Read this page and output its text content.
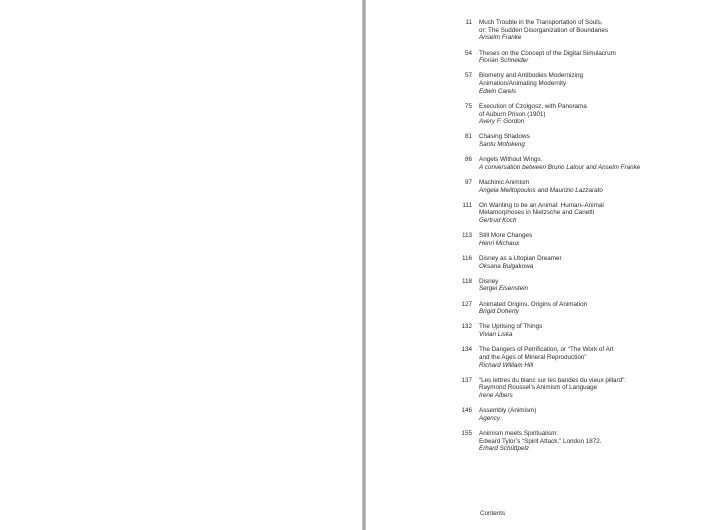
11 Much Trouble in the Transportation of Souls,
or: The Sudden Disorganization of Boundaries
Anselm Franke
54 Theses on the Concept of the Digital Simulacrum
Florian Schneider
57 Biometry and Antibodies Modernizing
Animation/Animating Modernity
Edwin Carels
75 Execution of Czolgosz, with Panorama
of Auburn Prison (1901)
Avery F. Gordon
81 Chasing Shadows
Santu Mofokeng
86 Angels Without Wings.
A conversation between Bruno Latour and Anselm Franke
97 Machinic Animism
Angela Melitopoulos and Maurizio Lazzarato
111 On Wanting to be an Animal: Human–Animal
Metamorphoses in Nietzsche and Canetti
Gertrud Koch
113 Still More Changes
Henri Michaux
116 Disney as a Utopian Dreamer
Oksana Bulgakowa
118 Disney
Sergei Eisenstein
127 Animated Origins, Origins of Animation
Brigid Doherty
132 The Uprising of Things
Vivian Liska
134 The Dangers of Petrification, or “The Work of Art
and the Ages of Mineral Reproduction”
Richard William Hill
137 “Les lettres du blanc sur les bandes du vieux pillard”:
Raymond Roussel’s Animism of Language
Irene Albers
146 Assembly (Animism)
Agency
155 Animism meets Spiritualism:
Edward Tylor’s “Spirit Attack,” London 1872.
Erhard Schüttpelz
Contents
